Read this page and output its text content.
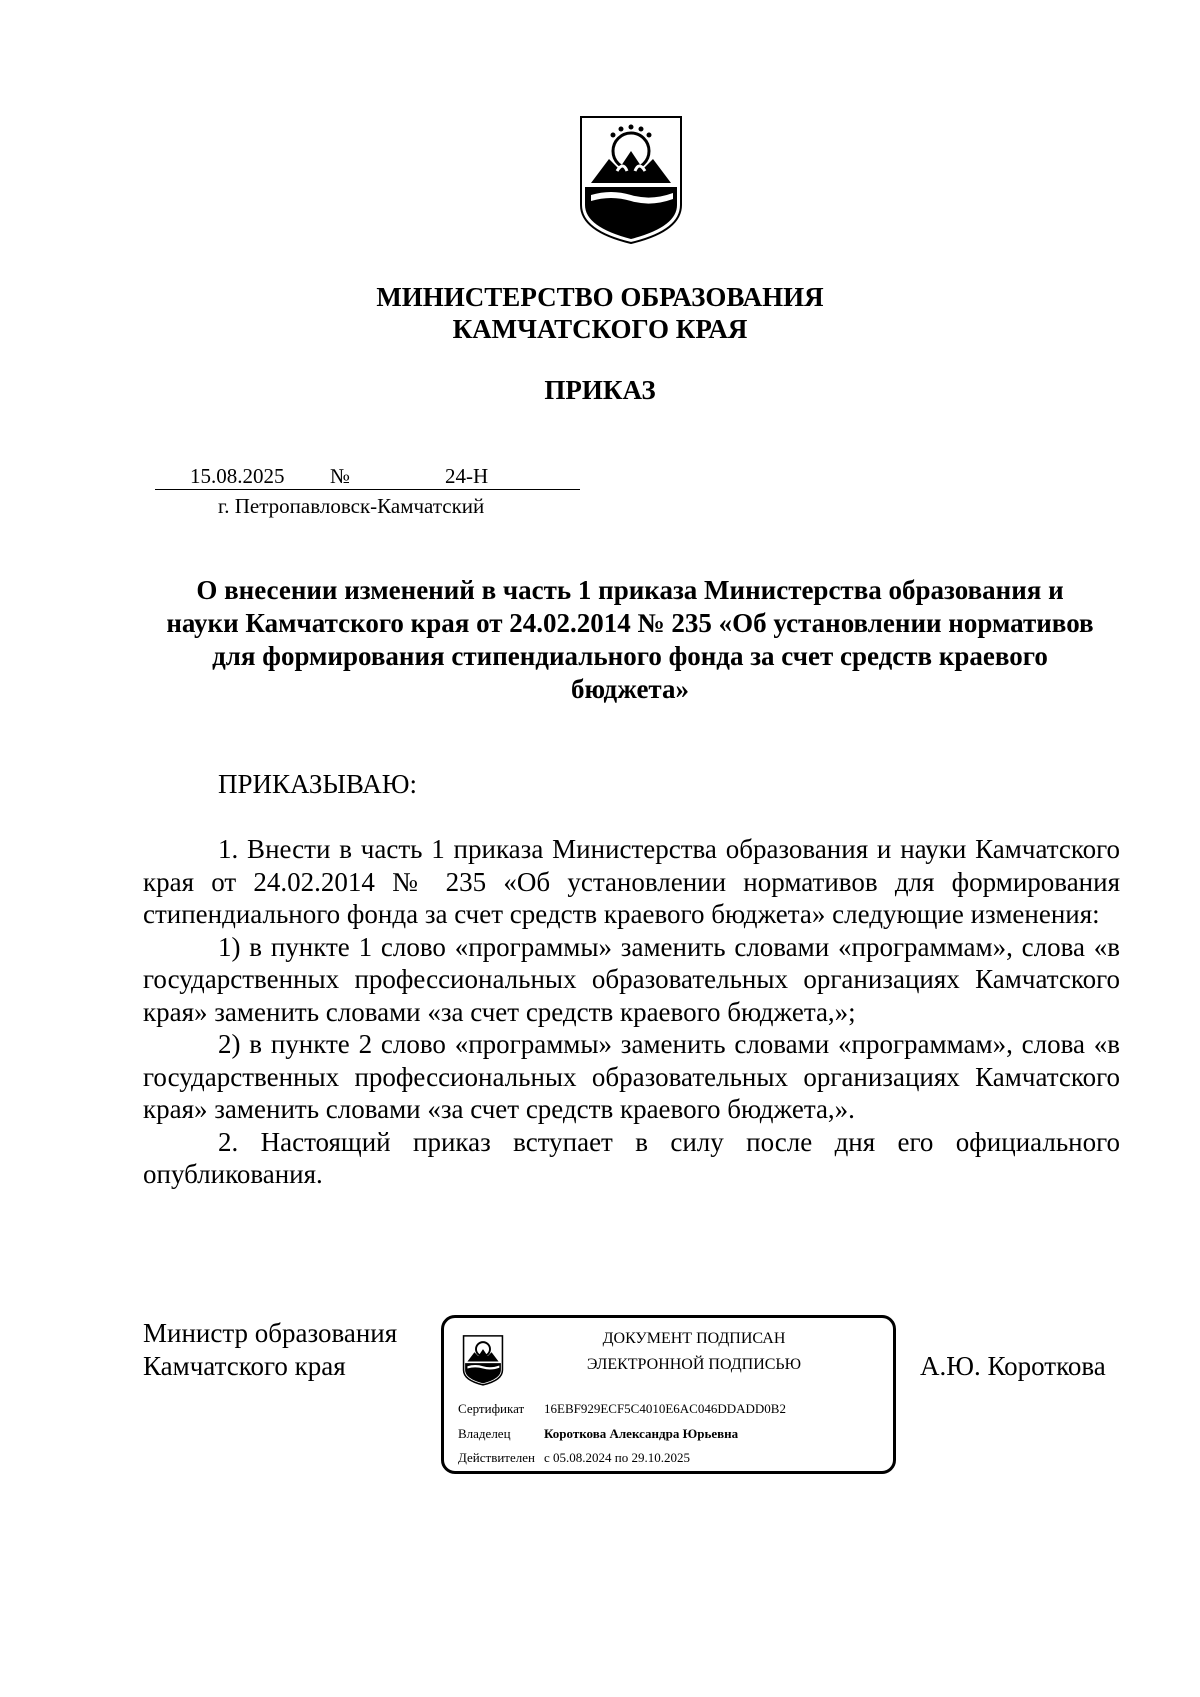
МИНИСТЕРСТВО ОБРАЗОВАНИЯ
КАМЧАТСКОГО КРАЯ
ПРИКАЗ
15.08.2025 №	24-Н
г. Петропавловск-Камчатский
О внесении изменений в часть 1 приказа Министерства образования и науки Камчатского края от 24.02.2014 № 235 «Об установлении нормативов для формирования стипендиального фонда за счет средств краевого бюджета»
ПРИКАЗЫВАЮ:

1. Внести в часть 1 приказа Министерства образования и науки Камчатского края от 24.02.2014 № 235 «Об установлении нормативов для формирования стипендиального фонда за счет средств краевого бюджета» следующие изменения:

1) в пункте 1 слово «программы» заменить словами «программам», слова «в государственных профессиональных образовательных организациях Камчатского края» заменить словами «за счет средств краевого бюджета,»;

2) в пункте 2 слово «программы» заменить словами «программам», слова «в государственных профессиональных образовательных организациях Камчатского края» заменить словами «за счет средств краевого бюджета,».

2. Настоящий приказ вступает в силу после дня его официального опубликования.

Министр образования
Камчатского края
ДОКУМЕНТ ПОДПИСАН
ЭЛЕКТРОННОЙ ПОДПИСЬЮ
Сертификат 16EBF929ECF5C4010E6AC046DDADD0B2
Владелец	Короткова Александра Юрьевна
Действителен с 05.08.2024 по 29.10.2025
А.Ю. Короткова
